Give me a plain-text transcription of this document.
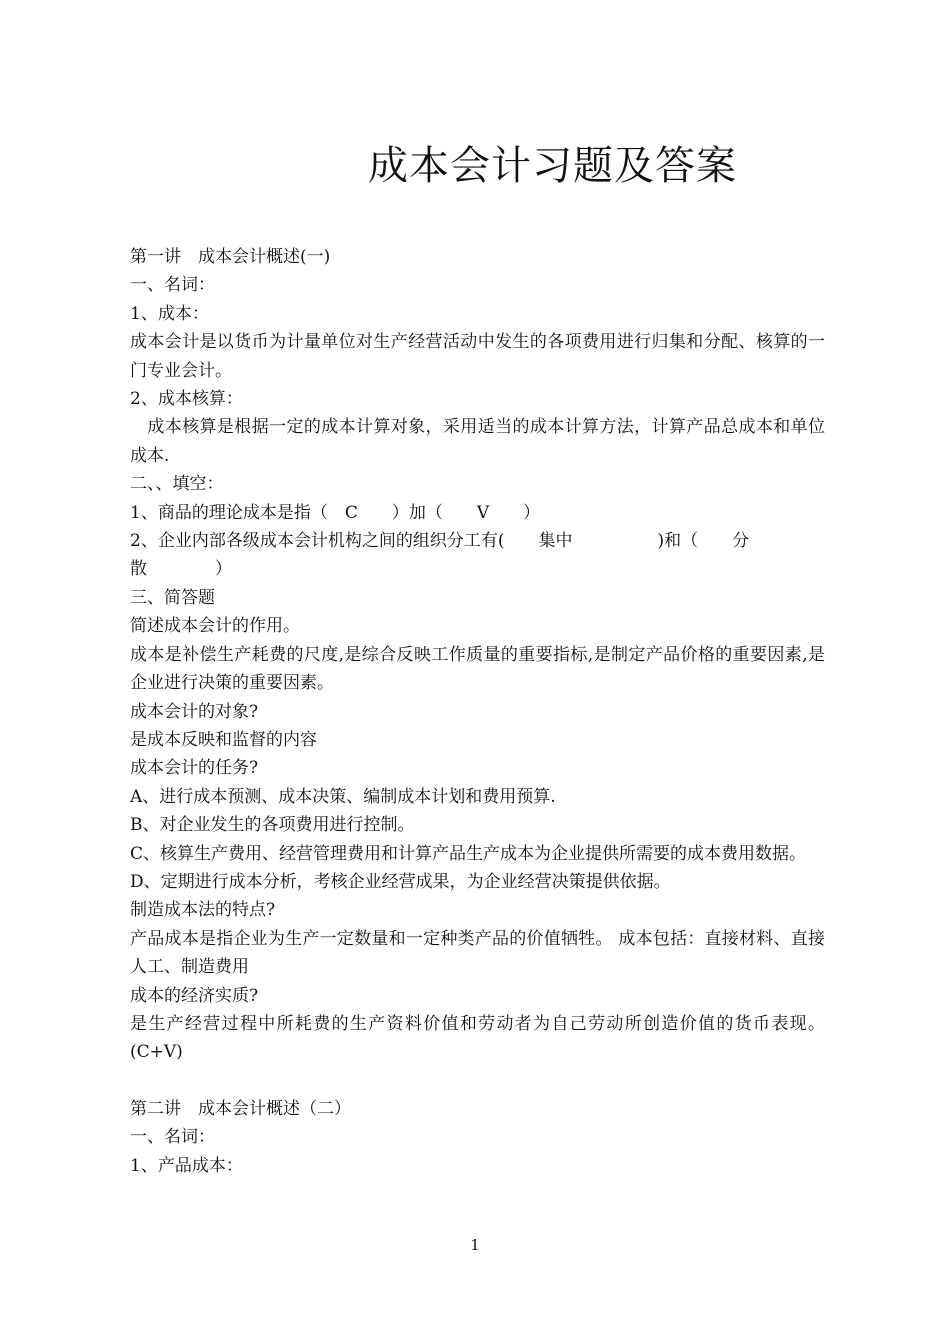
成本会计习题及答案
第一讲　成本会计概述(一)
一、名词：
1、成本：
成本会计是以货币为计量单位对生产经营活动中发生的各项费用进行归集和分配、核算的一门专业会计。
2、成本核算：
　成本核算是根据一定的成本计算对象，采用适当的成本计算方法，计算产品总成本和单位成本.
二、、填空：
1、商品的理论成本是指（　C　　）加（　　V　　）
2、企业内部各级成本会计机构之间的组织分工有(　　集中　　　　　)和（　　分
散　　　　）
三、简答题
简述成本会计的作用。
成本是补偿生产耗费的尺度,是综合反映工作质量的重要指标,是制定产品价格的重要因素,是企业进行决策的重要因素。
成本会计的对象?
是成本反映和监督的内容
成本会计的任务?
A、进行成本预测、成本决策、编制成本计划和费用预算.
B、对企业发生的各项费用进行控制。
C、核算生产费用、经营管理费用和计算产品生产成本为企业提供所需要的成本费用数据。
D、定期进行成本分析，考核企业经营成果，为企业经营决策提供依据。
制造成本法的特点?
产品成本是指企业为生产一定数量和一定种类产品的价值牺牲。 成本包括：直接材料、直接人工、制造费用
成本的经济实质?
是生产经营过程中所耗费的生产资料价值和劳动者为自己劳动所创造价值的货币表现。(C+V)
第二讲　成本会计概述（二）
一、名词：
1、产品成本：
1
